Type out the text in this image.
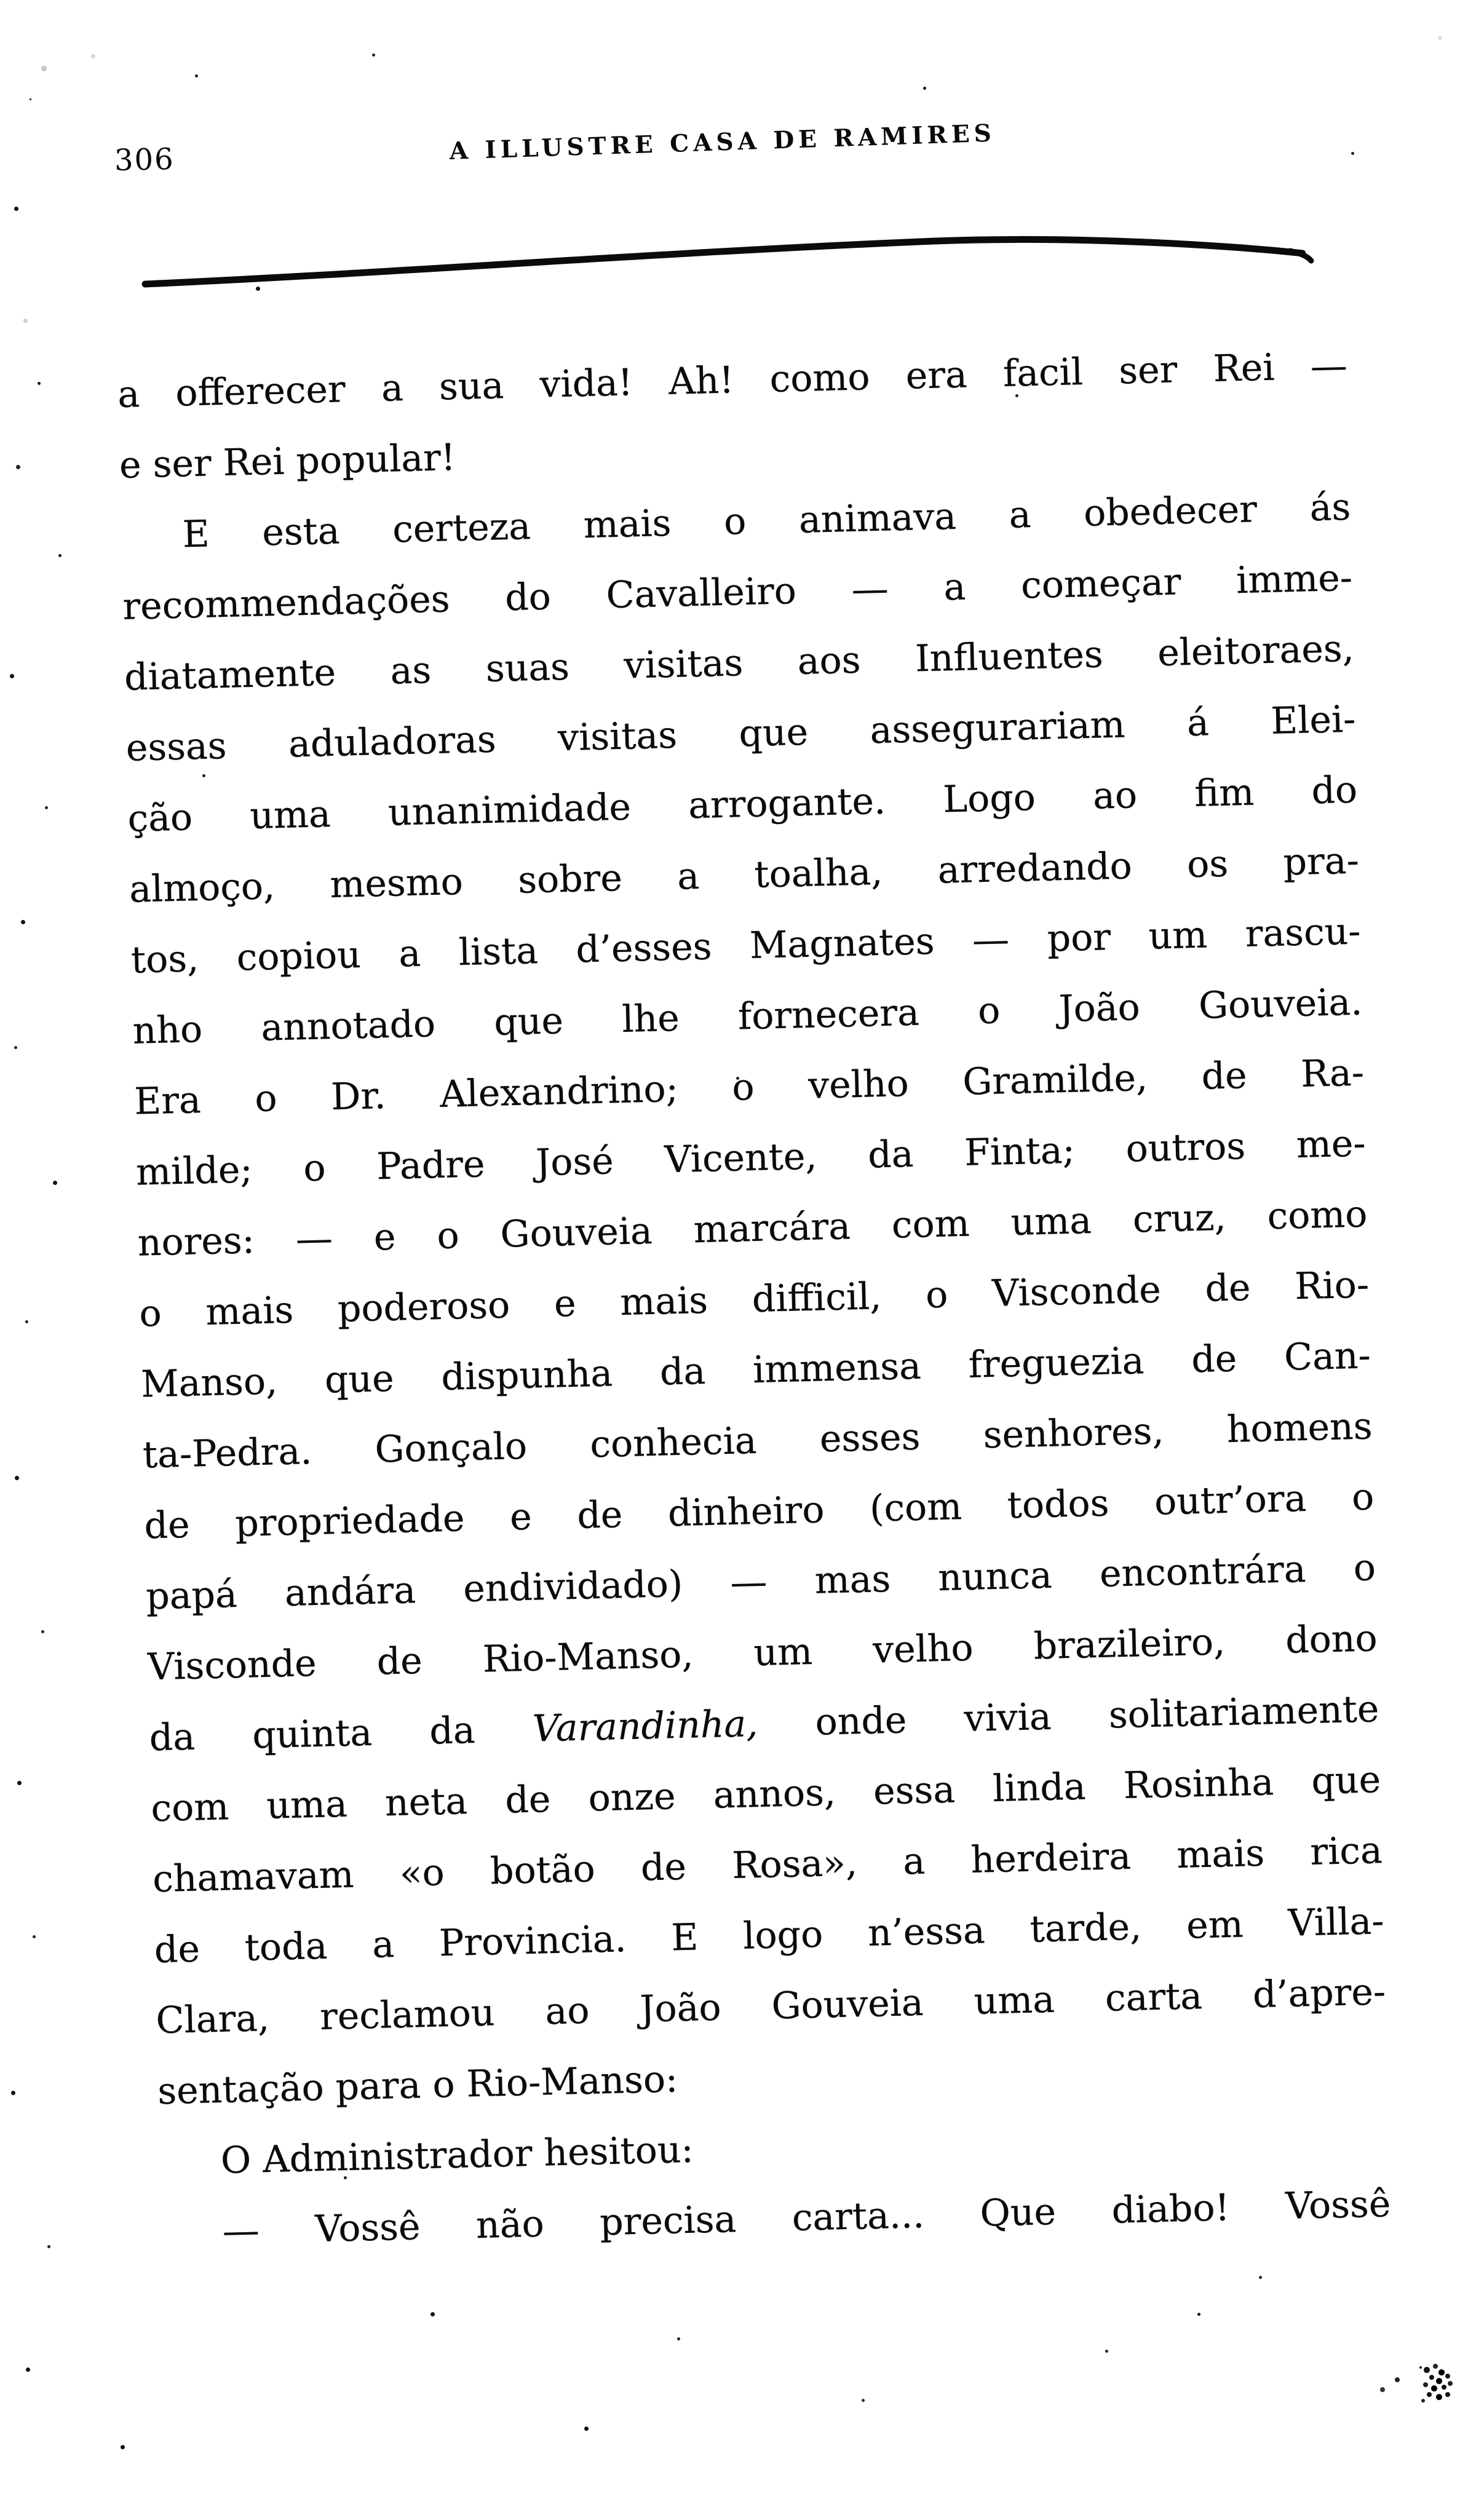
306	A ILLUSTRE CASA DE RAMIRES
a offerecer a sua vida! Ah! como era facil ser Rei —
e ser Rei popular!
E esta certeza mais o animava a obedecer ás
recommendações do Cavalleiro — a começar imme-
diatamente as suas visitas aos Influentes eleitoraes,
essas aduladoras visitas que assegurariam á Elei-
ção uma unanimidade arrogante. Logo ao fim do
almoço, mesmo sobre a toalha, arredando os pra-
tos, copiou a lista d’esses Magnates — por um rascu-
nho annotado que lhe fornecera o João Gouveia.
Era o Dr. Alexandrino; o velho Gramilde, de Ra-
milde; o Padre José Vicente, da Finta; outros me-
nores: — e o Gouveia marcára com uma cruz, como
o mais poderoso e mais difficil, o Visconde de Rio-
Manso, que dispunha da immensa freguezia de Can-
ta-Pedra. Gonçalo conhecia esses senhores, homens
de propriedade e de dinheiro (com todos outr’ora o
papá andára endividado) — mas nunca encontrára o
Visconde de Rio-Manso, um velho brazileiro, dono
da quinta da Varandinha, onde vivia solitariamente
com uma neta de onze annos, essa linda Rosinha que
chamavam «o botão de Rosa», a herdeira mais rica
de toda a Provincia. E logo n’essa tarde, em Villa-
Clara, reclamou ao João Gouveia uma carta d’apre-
sentação para o Rio-Manso:
O Administrador hesitou:
— Vossê não precisa carta... Que diabo! Vossê
